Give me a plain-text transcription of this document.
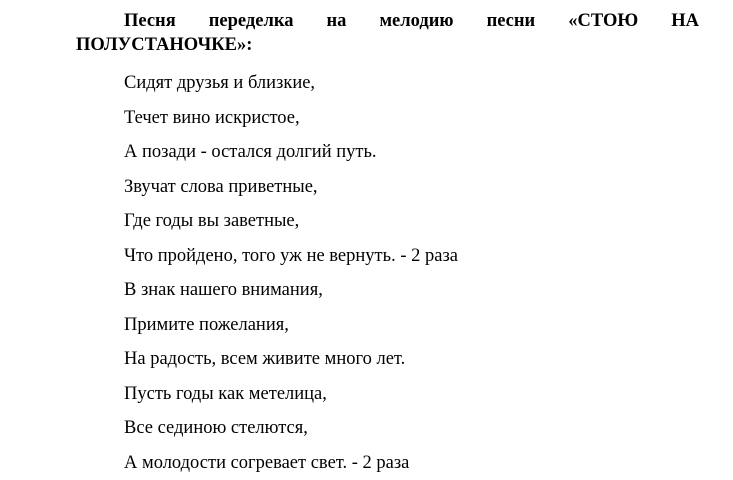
Песня переделка на мелодию песни «СТОЮ НА
ПОЛУСТАНОЧКЕ»:
Сидят друзья и близкие,
Течет вино искристое,
А позади - остался долгий путь.
Звучат слова приветные,
Где годы вы заветные,
Что пройдено, того уж не вернуть. - 2 раза
В знак нашего внимания,
Примите пожелания,
На радость, всем живите много лет.
Пусть годы как метелица,
Все сединою стелются,
А молодости согревает свет. - 2 раза
